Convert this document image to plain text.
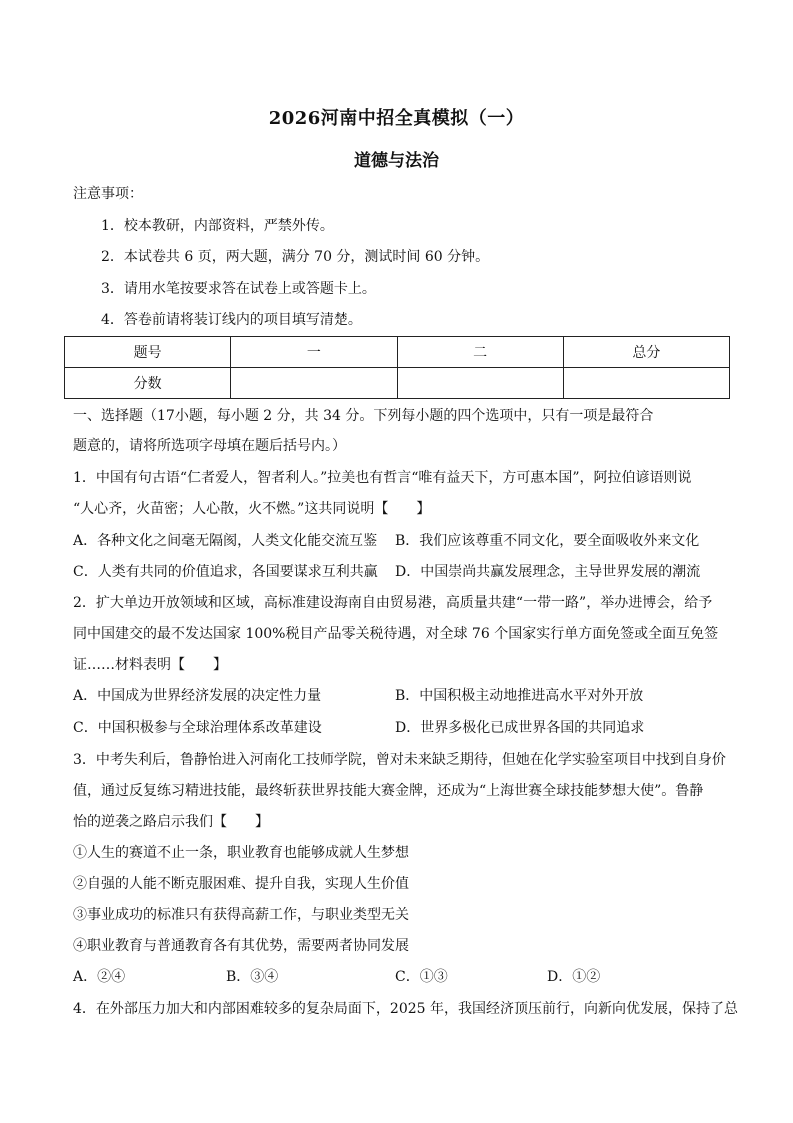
2026河南中招全真模拟（一）
道德与法治
注意事项：
1．校本教研，内部资料，严禁外传。
2．本试卷共 6 页，两大题，满分 70 分，测试时间 60 分钟。
3．请用水笔按要求答在试卷上或答题卡上。
4．答卷前请将装订线内的项目填写清楚。
题号	一	二	总分
分数			
一、选择题（17小题，每小题 2 分，共 34 分。下列每小题的四个选项中，只有一项是最符合
题意的，请将所选项字母填在题后括号内。）
1．中国有句古语“仁者爱人，智者利人。”拉美也有哲言“唯有益天下，方可惠本国”，阿拉伯谚语则说
“人心齐，火苗密；人心散，火不燃。”这共同说明【　　】
A．各种文化之间毫无隔阂，人类文化能交流互鉴 B．我们应该尊重不同文化，要全面吸收外来文化
C．人类有共同的价值追求，各国要谋求互利共赢 D．中国崇尚共赢发展理念，主导世界发展的潮流
2．扩大单边开放领域和区域，高标准建设海南自由贸易港，高质量共建“一带一路”，举办进博会，给予
同中国建交的最不发达国家 100%税目产品零关税待遇，对全球 76 个国家实行单方面免签或全面互免签
证……材料表明【　　】
A．中国成为世界经济发展的决定性力量	B．中国积极主动地推进高水平对外开放
C．中国积极参与全球治理体系改革建设	D．世界多极化已成世界各国的共同追求
3．中考失利后，鲁静怡进入河南化工技师学院，曾对未来缺乏期待，但她在化学实验室项目中找到自身价
值，通过反复练习精进技能，最终斩获世界技能大赛金牌，还成为“上海世赛全球技能梦想大使”。鲁静
怡的逆袭之路启示我们【　　】
①人生的赛道不止一条，职业教育也能够成就人生梦想
②自强的人能不断克服困难、提升自我，实现人生价值
③事业成功的标准只有获得高薪工作，与职业类型无关
④职业教育与普通教育各有其优势，需要两者协同发展
A．②④	B．③④	C．①③	D．①②
4．在外部压力加大和内部困难较多的复杂局面下，2025 年，我国经济顶压前行，向新向优发展，保持了总
